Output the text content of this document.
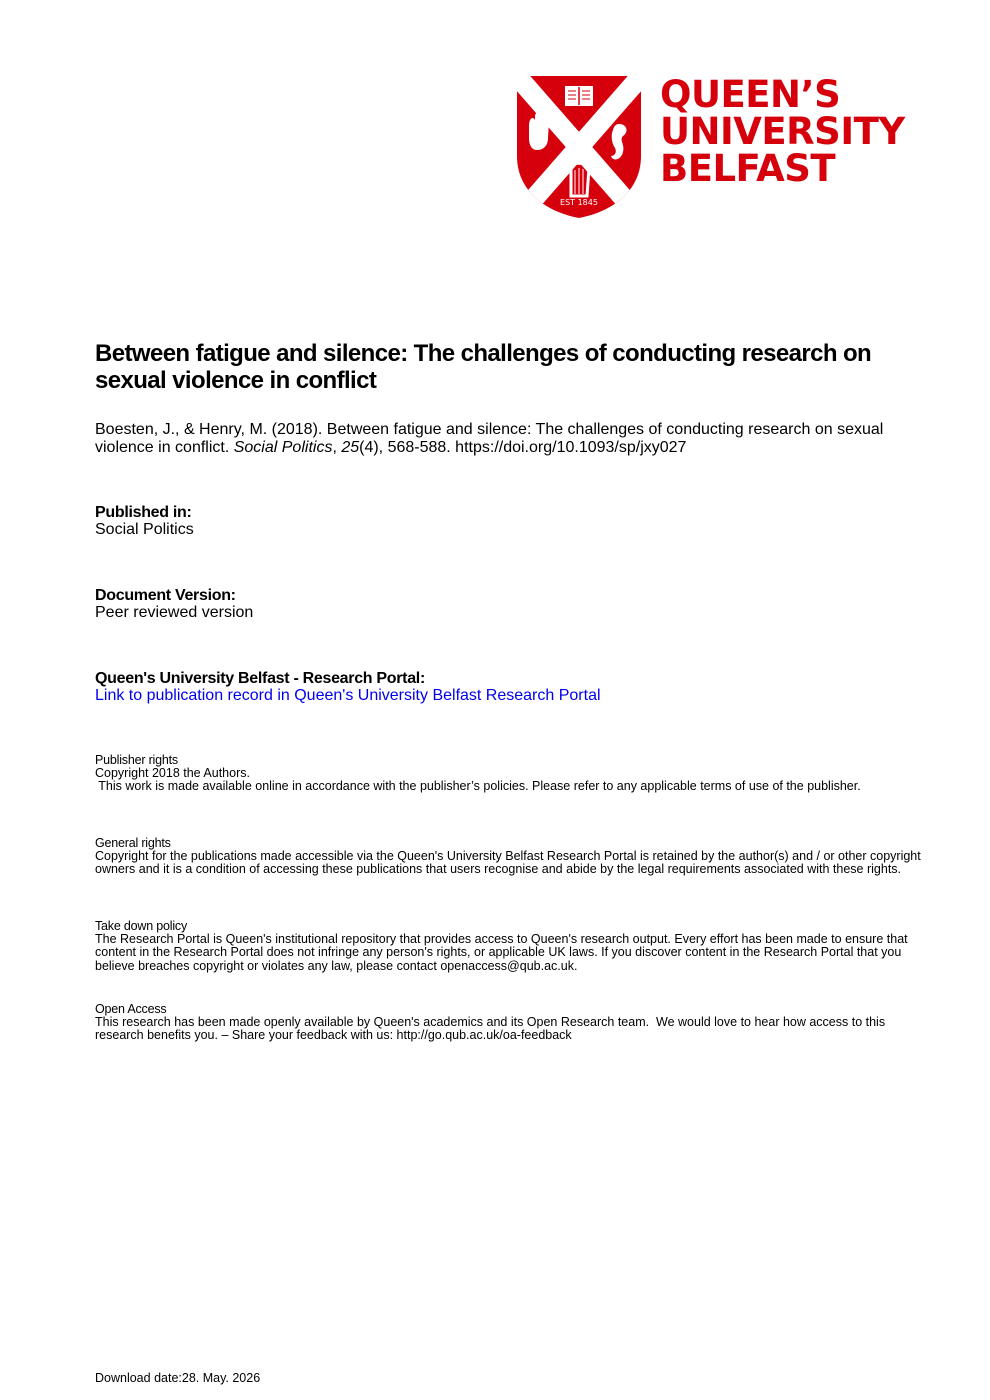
EST 1845
QUEEN’S
UNIVERSITY
BELFAST
Between fatigue and silence: The challenges of conducting research on sexual violence in conflict
Boesten, J., & Henry, M. (2018). Between fatigue and silence: The challenges of conducting research on sexual violence in conflict. Social Politics, 25(4), 568-588. https://doi.org/10.1093/sp/jxy027
Published in:
Social Politics
Document Version:
Peer reviewed version
Queen's University Belfast - Research Portal:
Link to publication record in Queen's University Belfast Research Portal
Publisher rights
Copyright 2018 the Authors.
This work is made available online in accordance with the publisher’s policies. Please refer to any applicable terms of use of the publisher.
General rights
Copyright for the publications made accessible via the Queen's University Belfast Research Portal is retained by the author(s) and / or other copyright owners and it is a condition of accessing these publications that users recognise and abide by the legal requirements associated with these rights.
Take down policy
The Research Portal is Queen's institutional repository that provides access to Queen's research output. Every effort has been made to ensure that content in the Research Portal does not infringe any person's rights, or applicable UK laws. If you discover content in the Research Portal that you believe breaches copyright or violates any law, please contact openaccess@qub.ac.uk.
Open Access
This research has been made openly available by Queen's academics and its Open Research team.  We would love to hear how access to this research benefits you. – Share your feedback with us: http://go.qub.ac.uk/oa-feedback
Download date:28. May. 2026
